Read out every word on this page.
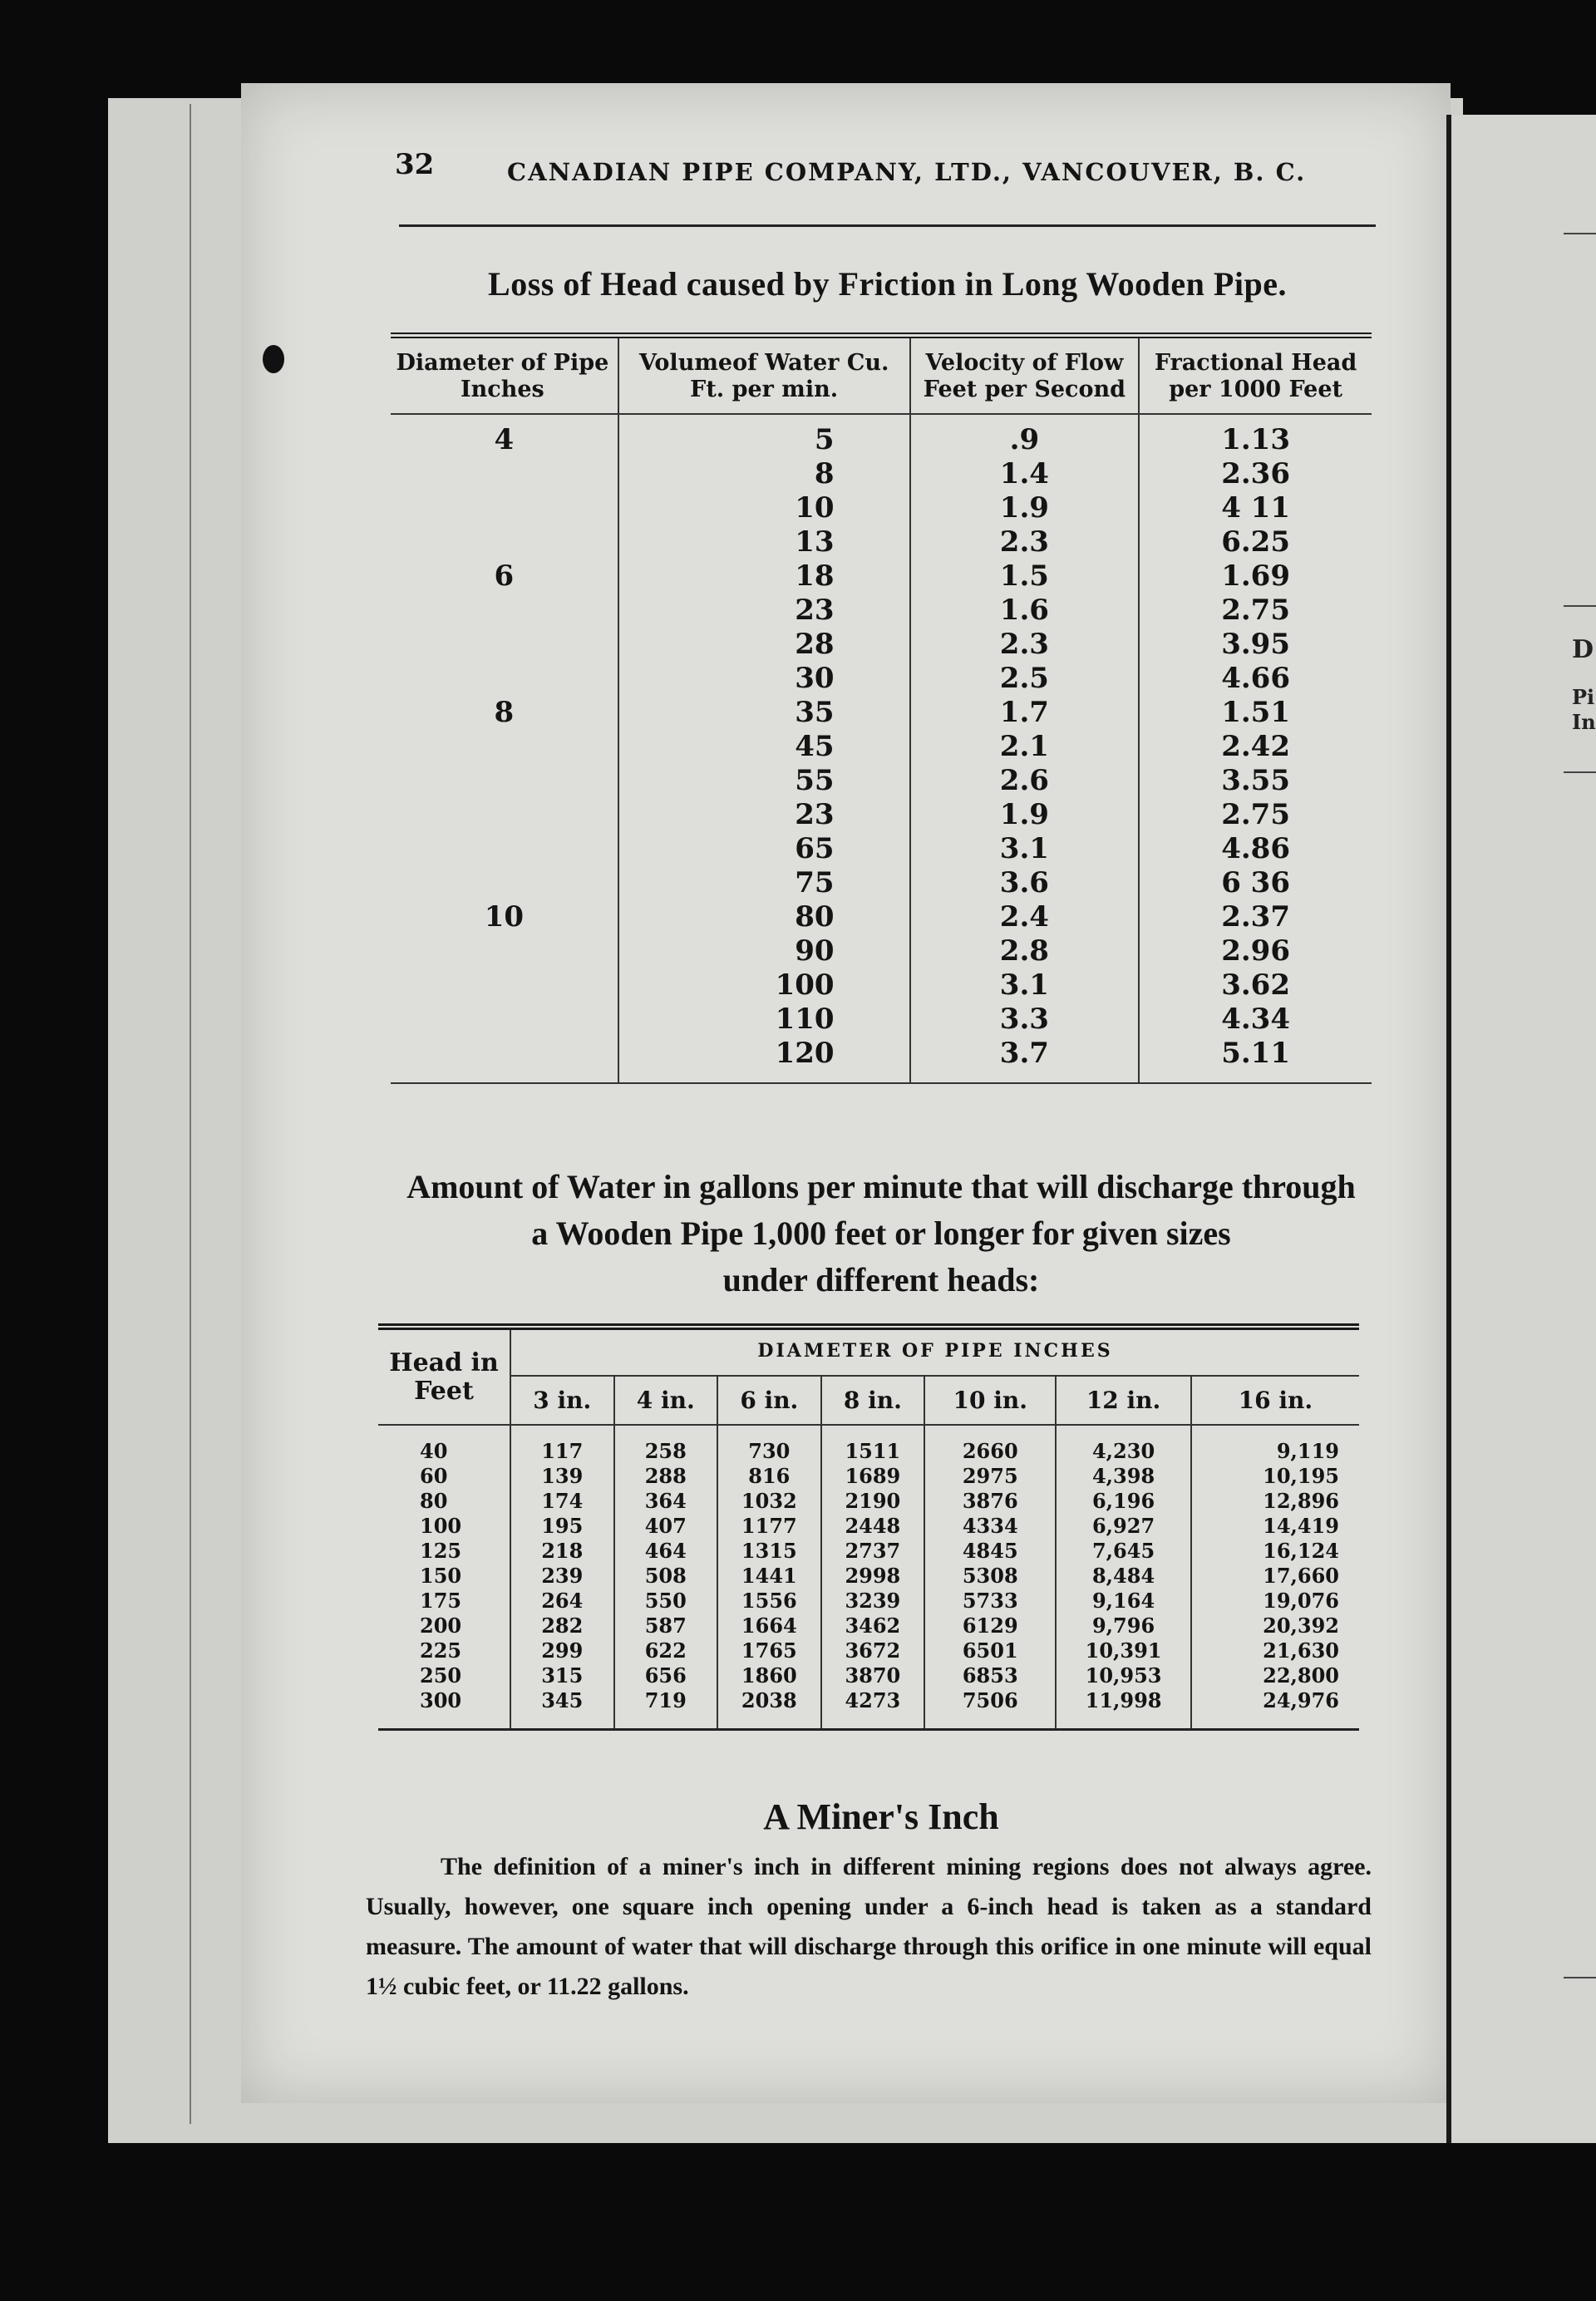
D
Pi
In
32	CANADIAN PIPE COMPANY, LTD., VANCOUVER, B. C.
Loss of Head caused by Friction in Long Wooden Pipe.
Diameter of Pipe Inches	Volumeof Water Cu. Ft. per min.	Velocity of Flow Feet per Second	Fractional Head per 1000 Feet
4	5	.9	1.13
	8	1.4	2.36
	10	1.9	4 11
	13	2.3	6.25
6	18	1.5	1.69
	23	1.6	2.75
	28	2.3	3.95
	30	2.5	4.66
8	35	1.7	1.51
	45	2.1	2.42
	55	2.6	3.55
	23	1.9	2.75
	65	3.1	4.86
	75	3.6	6 36
10	80	2.4	2.37
	90	2.8	2.96
	100	3.1	3.62
	110	3.3	4.34
	120	3.7	5.11
Amount of Water in gallons per minute that will discharge through
a Wooden Pipe 1,000 feet or longer for given sizes
under different heads:
Head in Feet	DIAMETER OF PIPE INCHES						
	3 in.	4 in.	6 in.	8 in.	10 in.	12 in.	16 in.
40	117	258	730	1511	2660	4,230	9,119
60	139	288	816	1689	2975	4,398	10,195
80	174	364	1032	2190	3876	6,196	12,896
100	195	407	1177	2448	4334	6,927	14,419
125	218	464	1315	2737	4845	7,645	16,124
150	239	508	1441	2998	5308	8,484	17,660
175	264	550	1556	3239	5733	9,164	19,076
200	282	587	1664	3462	6129	9,796	20,392
225	299	622	1765	3672	6501	10,391	21,630
250	315	656	1860	3870	6853	10,953	22,800
300	345	719	2038	4273	7506	11,998	24,976
A Miner's Inch

The definition of a miner's inch in different mining regions does not always agree. Usually, however, one square inch opening under a 6-inch head is taken as a standard measure. The amount of water that will discharge through this orifice in one minute will equal 1½ cubic feet, or 11.22 gallons.
